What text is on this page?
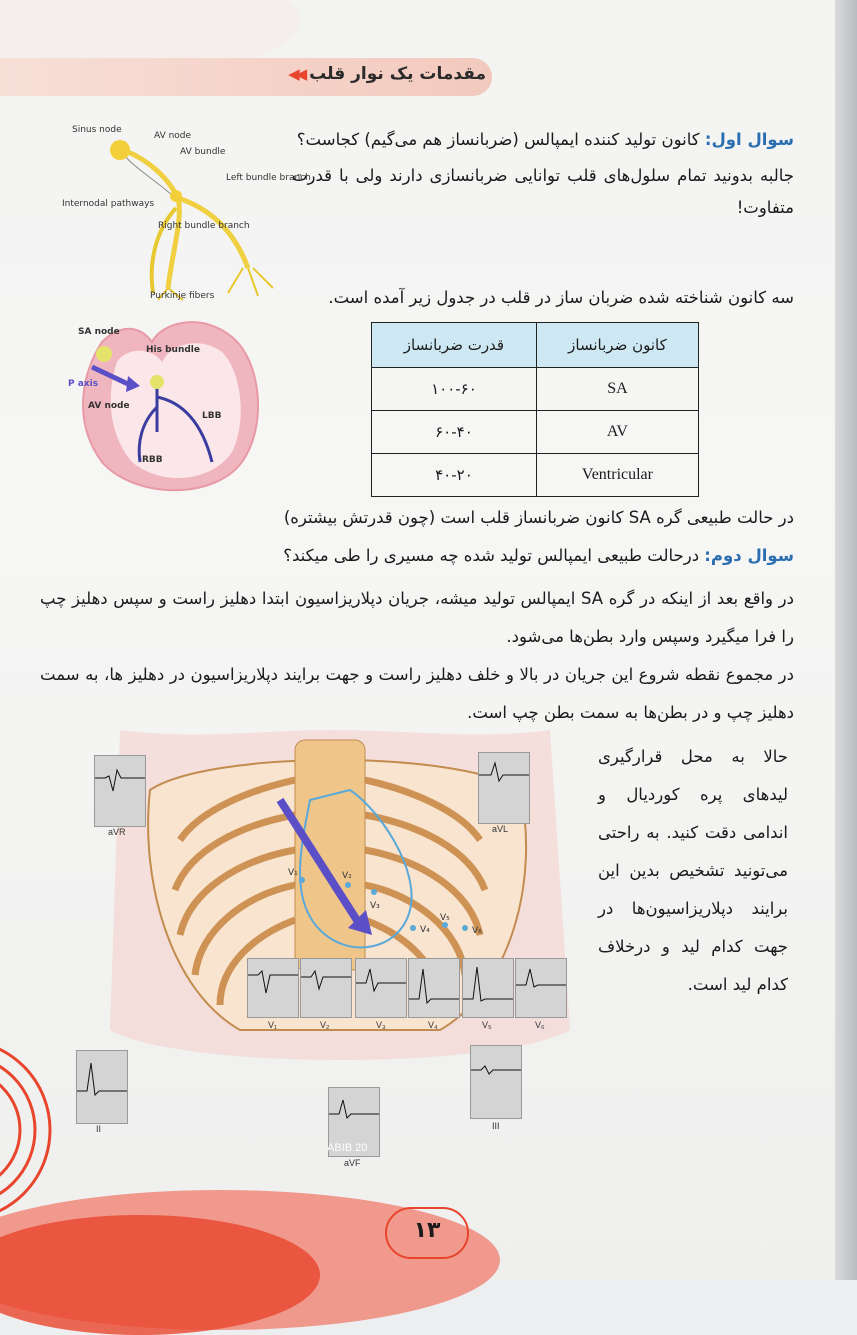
مقدمات یک نوار قلب
◀◀
Sinus node
AV node
AV bundle
Left bundle branch
Internodal pathways
Right bundle branch
Purkinje fibers
SA node
His bundle
P axis
AV node
LBB
RBB
سوال اول: کانون تولید کننده ایمپالس (ضربانساز هم می‌گیم) کجاست؟
جالبه بدونید تمام سلول‌های قلب توانایی ضربانسازی دارند ولی با قدرت متفاوت!
سه کانون شناخته شده ضربان ساز در قلب در جدول زیر آمده است.
کانون ضربانساز	قدرت ضربانساز
SA	۱۰۰-۶۰
AV	۶۰-۴۰
Ventricular	۴۰-۲۰
در حالت طبیعی گره SA کانون ضربانساز قلب است (چون قدرتش بیشتره)
سوال دوم: درحالت طبیعی ایمپالس تولید شده چه مسیری را طی میکند؟
در واقع بعد از اینکه در گره SA ایمپالس تولید میشه، جریان دپلاریزاسیون ابتدا دهلیز راست و سپس دهلیز چپ را فرا میگیرد وسپس وارد بطن‌ها می‌شود.
در مجموع نقطه شروع این جریان در بالا و خلف دهلیز راست و جهت برایند دپلاریزاسیون در دهلیز ها، به سمت دهلیز چپ و در بطن‌ها به سمت بطن چپ است.
V₁	V₂
V₃
V₄
V₅
V₆
aVR	aVL
V₁	V₂	V₃	V₄	V₅	V₆
II	III
ABIB 20
aVF
حالا به محل قرارگیری لیدهای پره کوردیال و اندامی دقت کنید. به راحتی می‌تونید تشخیص بدین این برایند دپلاریزاسیون‌ها در جهت کدام لید و درخلاف کدام لید است.
۱۳
